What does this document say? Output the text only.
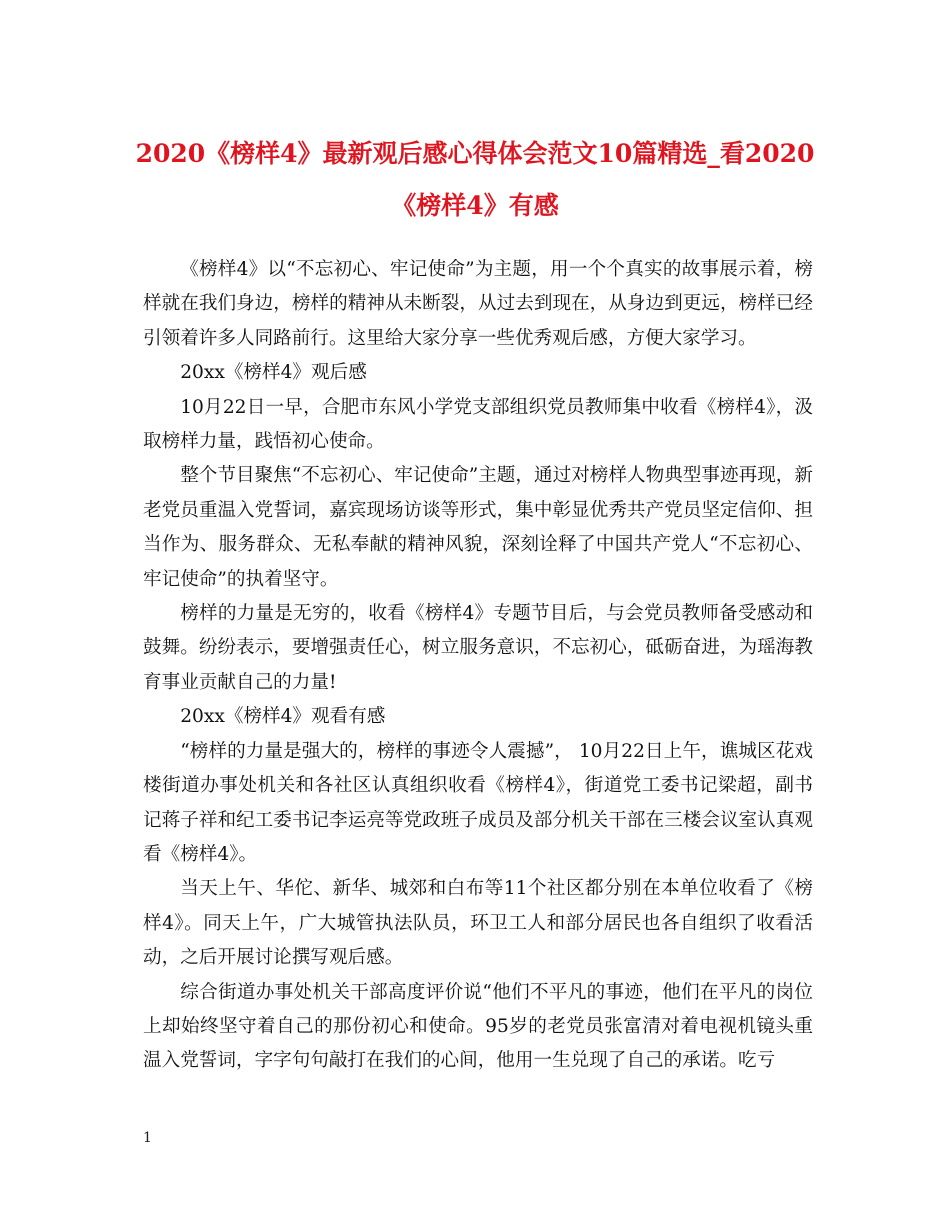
2020《榜样4》最新观后感心得体会范文10篇精选_看2020《榜样4》有感

《榜样4》以“不忘初心、牢记使命”为主题，用一个个真实的故事展示着，榜样就在我们身边，榜样的精神从未断裂，从过去到现在，从身边到更远，榜样已经引领着许多人同路前行。这里给大家分享一些优秀观后感，方便大家学习。

20xx《榜样4》观后感

10月22日一早，合肥市东风小学党支部组织党员教师集中收看《榜样4》，汲取榜样力量，践悟初心使命。

整个节目聚焦“不忘初心、牢记使命”主题，通过对榜样人物典型事迹再现，新老党员重温入党誓词，嘉宾现场访谈等形式，集中彰显优秀共产党员坚定信仰、担当作为、服务群众、无私奉献的精神风貌，深刻诠释了中国共产党人“不忘初心、牢记使命”的执着坚守。

榜样的力量是无穷的，收看《榜样4》专题节目后，与会党员教师备受感动和鼓舞。纷纷表示，要增强责任心，树立服务意识，不忘初心，砥砺奋进，为瑶海教育事业贡献自己的力量!

20xx《榜样4》观看有感

“榜样的力量是强大的，榜样的事迹令人震撼”， 10月22日上午，谯城区花戏楼街道办事处机关和各社区认真组织收看《榜样4》，街道党工委书记梁超，副书记蒋子祥和纪工委书记李运亮等党政班子成员及部分机关干部在三楼会议室认真观看《榜样4》。

当天上午、华佗、新华、城郊和白布等11个社区都分别在本单位收看了《榜样4》。同天上午，广大城管执法队员，环卫工人和部分居民也各自组织了收看活动，之后开展讨论撰写观后感。

综合街道办事处机关干部高度评价说“他们不平凡的事迹，他们在平凡的岗位上却始终坚守着自己的那份初心和使命。95岁的老党员张富清对着电视机镜头重温入党誓词，字字句句敲打在我们的心间，他用一生兑现了自己的承诺。吃亏

1
